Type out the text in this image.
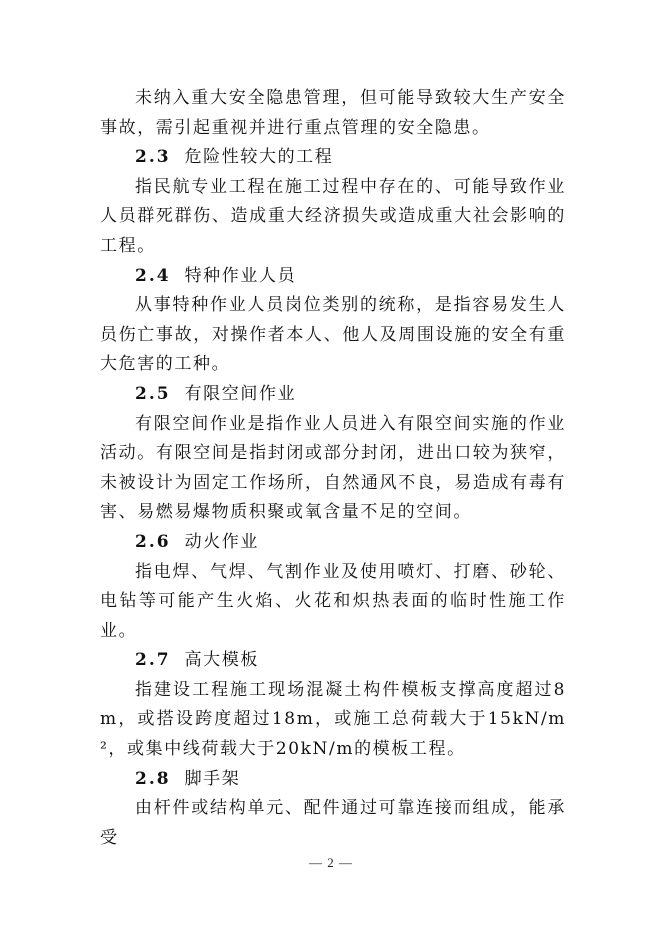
未纳入重大安全隐患管理，但可能导致较大生产安全事故，需引起重视并进行重点管理的安全隐患。

2.3 危险性较大的工程

指民航专业工程在施工过程中存在的、可能导致作业人员群死群伤、造成重大经济损失或造成重大社会影响的工程。

2.4 特种作业人员

从事特种作业人员岗位类别的统称，是指容易发生人员伤亡事故，对操作者本人、他人及周围设施的安全有重大危害的工种。

2.5 有限空间作业

有限空间作业是指作业人员进入有限空间实施的作业活动。有限空间是指封闭或部分封闭，进出口较为狭窄，未被设计为固定工作场所，自然通风不良，易造成有毒有害、易燃易爆物质积聚或氧含量不足的空间。

2.6 动火作业

指电焊、气焊、气割作业及使用喷灯、打磨、砂轮、电钻等可能产生火焰、火花和炽热表面的临时性施工作业。

2.7 高大模板

指建设工程施工现场混凝土构件模板支撑高度超过8m，或搭设跨度超过18m，或施工总荷载大于15kN/m²，或集中线荷载大于20kN/m的模板工程。

2.8 脚手架

由杆件或结构单元、配件通过可靠连接而组成，能承受

— 2 —
